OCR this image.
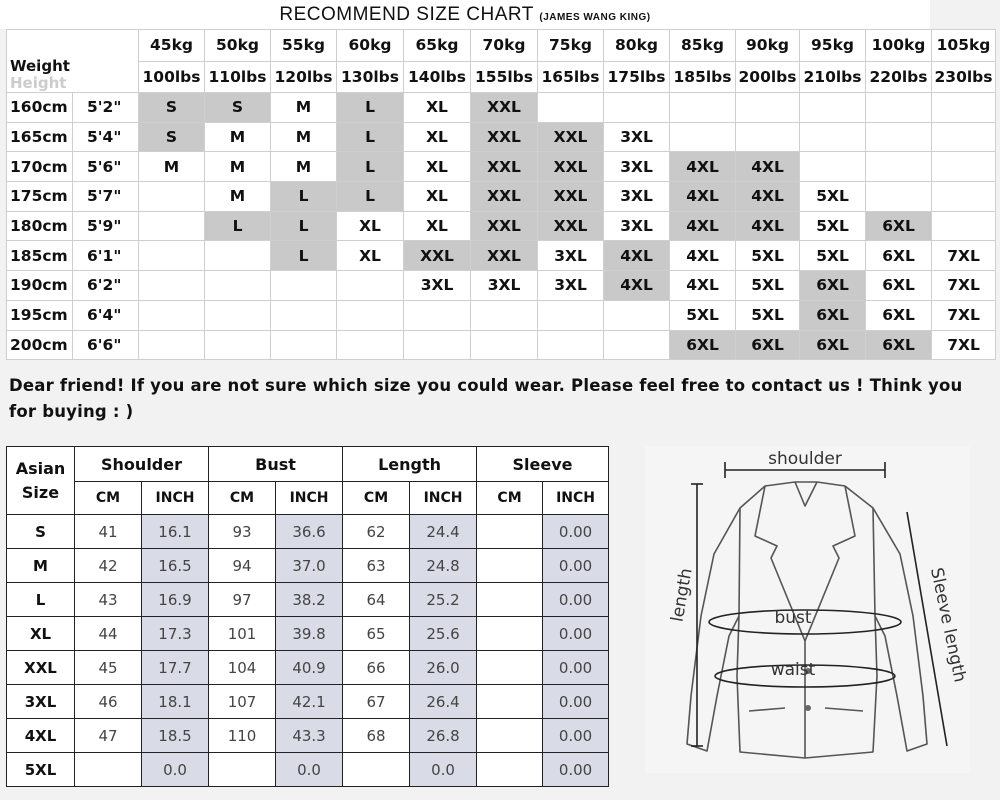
RECOMMEND SIZE CHART (JAMES WANG KING)
Weight
Height		45kg	50kg	55kg	60kg	65kg	70kg	75kg	80kg	85kg	90kg	95kg	100kg	105kg
		100lbs	110lbs	120lbs	130lbs	140lbs	155lbs	165lbs	175lbs	185lbs	200lbs	210lbs	220lbs	230lbs
160cm	5'2"	S	S	M	L	XL	XXL							
165cm	5'4"	S	M	M	L	XL	XXL	XXL	3XL					
170cm	5'6"	M	M	M	L	XL	XXL	XXL	3XL	4XL	4XL			
175cm	5'7"		M	L	L	XL	XXL	XXL	3XL	4XL	4XL	5XL		
180cm	5'9"		L	L	XL	XL	XXL	XXL	3XL	4XL	4XL	5XL	6XL	
185cm	6'1"			L	XL	XXL	XXL	3XL	4XL	4XL	5XL	5XL	6XL	7XL
190cm	6'2"					3XL	3XL	3XL	4XL	4XL	5XL	6XL	6XL	7XL
195cm	6'4"									5XL	5XL	6XL	6XL	7XL
200cm	6'6"									6XL	6XL	6XL	6XL	7XL
Dear friend! If you are not sure which size you could wear. Please feel free to contact us ! Think you for buying : )
Asian
Size	Shoulder		Bust		Length		Sleeve	
	CM	INCH	CM	INCH	CM	INCH	CM	INCH
S	41	16.1	93	36.6	62	24.4		0.00
M	42	16.5	94	37.0	63	24.8		0.00
L	43	16.9	97	38.2	64	25.2		0.00
XL	44	17.3	101	39.8	65	25.6		0.00
XXL	45	17.7	104	40.9	66	26.0		0.00
3XL	46	18.1	107	42.1	67	26.4		0.00
4XL	47	18.5	110	43.3	68	26.8		0.00
5XL		0.0		0.0		0.0		0.00
shoulder
length	bust
waist	Sleeve length
